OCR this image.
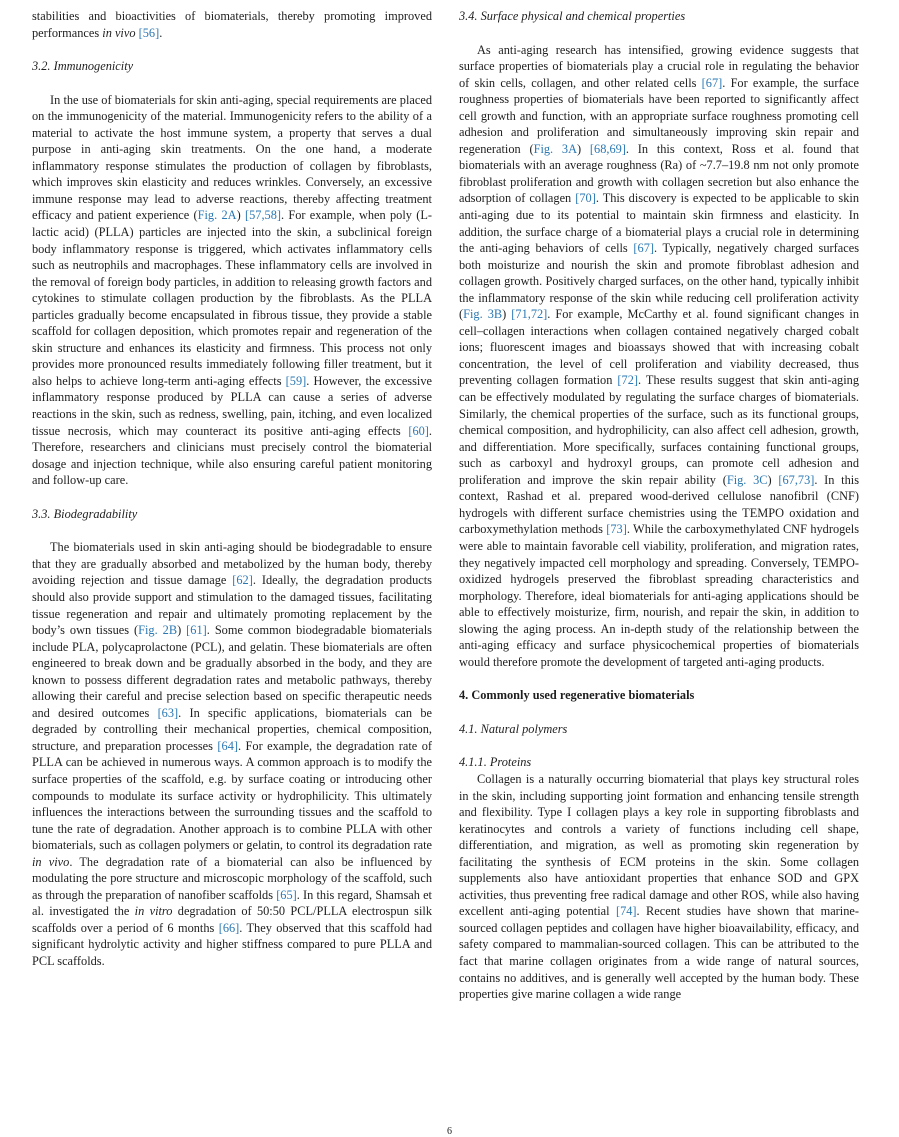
stabilities and bioactivities of biomaterials, thereby promoting improved performances in vivo [56].

3.2. Immunogenicity

In the use of biomaterials for skin anti-aging, special requirements are placed on the immunogenicity of the material. Immunogenicity refers to the ability of a material to activate the host immune system, a property that serves a dual purpose in anti-aging skin treatments. On the one hand, a moderate inflammatory response stimulates the production of collagen by fibroblasts, which improves skin elasticity and reduces wrinkles. Conversely, an excessive immune response may lead to adverse reactions, thereby affecting treatment efficacy and patient experience (Fig. 2A) [57,58]. For example, when poly (L-lactic acid) (PLLA) particles are injected into the skin, a subclinical foreign body inflammatory response is triggered, which activates inflammatory cells such as neutrophils and macrophages. These inflammatory cells are involved in the removal of foreign body particles, in addition to releasing growth factors and cytokines to stimulate collagen production by the fibroblasts. As the PLLA particles gradually become encapsulated in fibrous tissue, they provide a stable scaffold for collagen deposition, which promotes repair and regeneration of the skin structure and enhances its elasticity and firmness. This process not only provides more pronounced results immediately following filler treatment, but it also helps to achieve long-term anti-aging effects [59]. However, the excessive inflammatory response produced by PLLA can cause a series of adverse reactions in the skin, such as redness, swelling, pain, itching, and even localized tissue necrosis, which may counteract its positive anti-aging effects [60]. Therefore, researchers and clinicians must precisely control the biomaterial dosage and injection technique, while also ensuring careful patient monitoring and follow-up care.

3.3. Biodegradability

The biomaterials used in skin anti-aging should be biodegradable to ensure that they are gradually absorbed and metabolized by the human body, thereby avoiding rejection and tissue damage [62]. Ideally, the degradation products should also provide support and stimulation to the damaged tissues, facilitating tissue regeneration and repair and ultimately promoting replacement by the body’s own tissues (Fig. 2B) [61]. Some common biodegradable biomaterials include PLA, polycaprolactone (PCL), and gelatin. These biomaterials are often engineered to break down and be gradually absorbed in the body, and they are known to possess different degradation rates and metabolic pathways, thereby allowing their careful and precise selection based on specific therapeutic needs and desired outcomes [63]. In specific applications, biomaterials can be degraded by controlling their mechanical properties, chemical composition, structure, and preparation processes [64]. For example, the degradation rate of PLLA can be achieved in numerous ways. A common approach is to modify the surface properties of the scaffold, e.g. by surface coating or introducing other compounds to modulate its surface activity or hydrophilicity. This ultimately influences the interactions between the surrounding tissues and the scaffold to tune the rate of degradation. Another approach is to combine PLLA with other biomaterials, such as collagen polymers or gelatin, to control its degradation rate in vivo. The degradation rate of a biomaterial can also be influenced by modulating the pore structure and microscopic morphology of the scaffold, such as through the preparation of nanofiber scaffolds [65]. In this regard, Shamsah et al. investigated the in vitro degradation of 50:50 PCL/PLLA electrospun silk scaffolds over a period of 6 months [66]. They observed that this scaffold had significant hydrolytic activity and higher stiffness compared to pure PLLA and PCL scaffolds.

3.4. Surface physical and chemical properties

As anti-aging research has intensified, growing evidence suggests that surface properties of biomaterials play a crucial role in regulating the behavior of skin cells, collagen, and other related cells [67]. For example, the surface roughness properties of biomaterials have been reported to significantly affect cell growth and function, with an appropriate surface roughness promoting cell adhesion and proliferation and simultaneously improving skin repair and regeneration (Fig. 3A) [68,69]. In this context, Ross et al. found that biomaterials with an average roughness (Ra) of ~7.7–19.8 nm not only promote fibroblast proliferation and growth with collagen secretion but also enhance the adsorption of collagen [70]. This discovery is expected to be applicable to skin anti-aging due to its potential to maintain skin firmness and elasticity. In addition, the surface charge of a biomaterial plays a crucial role in determining the anti-aging behaviors of cells [67]. Typically, negatively charged surfaces both moisturize and nourish the skin and promote fibroblast adhesion and collagen growth. Positively charged surfaces, on the other hand, typically inhibit the inflammatory response of the skin while reducing cell proliferation activity (Fig. 3B) [71,72]. For example, McCarthy et al. found significant changes in cell–collagen interactions when collagen contained negatively charged cobalt ions; fluorescent images and bioassays showed that with increasing cobalt concentration, the level of cell proliferation and viability decreased, thus preventing collagen formation [72]. These results suggest that skin anti-aging can be effectively modulated by regulating the surface charges of biomaterials. Similarly, the chemical properties of the surface, such as its functional groups, chemical composition, and hydrophilicity, can also affect cell adhesion, growth, and differentiation. More specifically, surfaces containing functional groups, such as carboxyl and hydroxyl groups, can promote cell adhesion and proliferation and improve the skin repair ability (Fig. 3C) [67,73]. In this context, Rashad et al. prepared wood-derived cellulose nanofibril (CNF) hydrogels with different surface chemistries using the TEMPO oxidation and carboxymethylation methods [73]. While the carboxymethylated CNF hydrogels were able to maintain favorable cell viability, proliferation, and migration rates, they negatively impacted cell morphology and spreading. Conversely, TEMPO-oxidized hydrogels preserved the fibroblast spreading characteristics and morphology. Therefore, ideal biomaterials for anti-aging applications should be able to effectively moisturize, firm, nourish, and repair the skin, in addition to slowing the aging process. An in-depth study of the relationship between the anti-aging efficacy and surface physicochemical properties of biomaterials would therefore promote the development of targeted anti-aging products.

4. Commonly used regenerative biomaterials
4.1. Natural polymers
4.1.1. Proteins

Collagen is a naturally occurring biomaterial that plays key structural roles in the skin, including supporting joint formation and enhancing tensile strength and flexibility. Type I collagen plays a key role in supporting fibroblasts and keratinocytes and controls a variety of functions including cell shape, differentiation, and migration, as well as promoting skin regeneration by facilitating the synthesis of ECM proteins in the skin. Some collagen supplements also have antioxidant properties that enhance SOD and GPX activities, thus preventing free radical damage and other ROS, while also having excellent anti-aging potential [74]. Recent studies have shown that marine-sourced collagen peptides and collagen have higher bioavailability, efficacy, and safety compared to mammalian-sourced collagen. This can be attributed to the fact that marine collagen originates from a wide range of natural sources, contains no additives, and is generally well accepted by the human body. These properties give marine collagen a wide range

6
